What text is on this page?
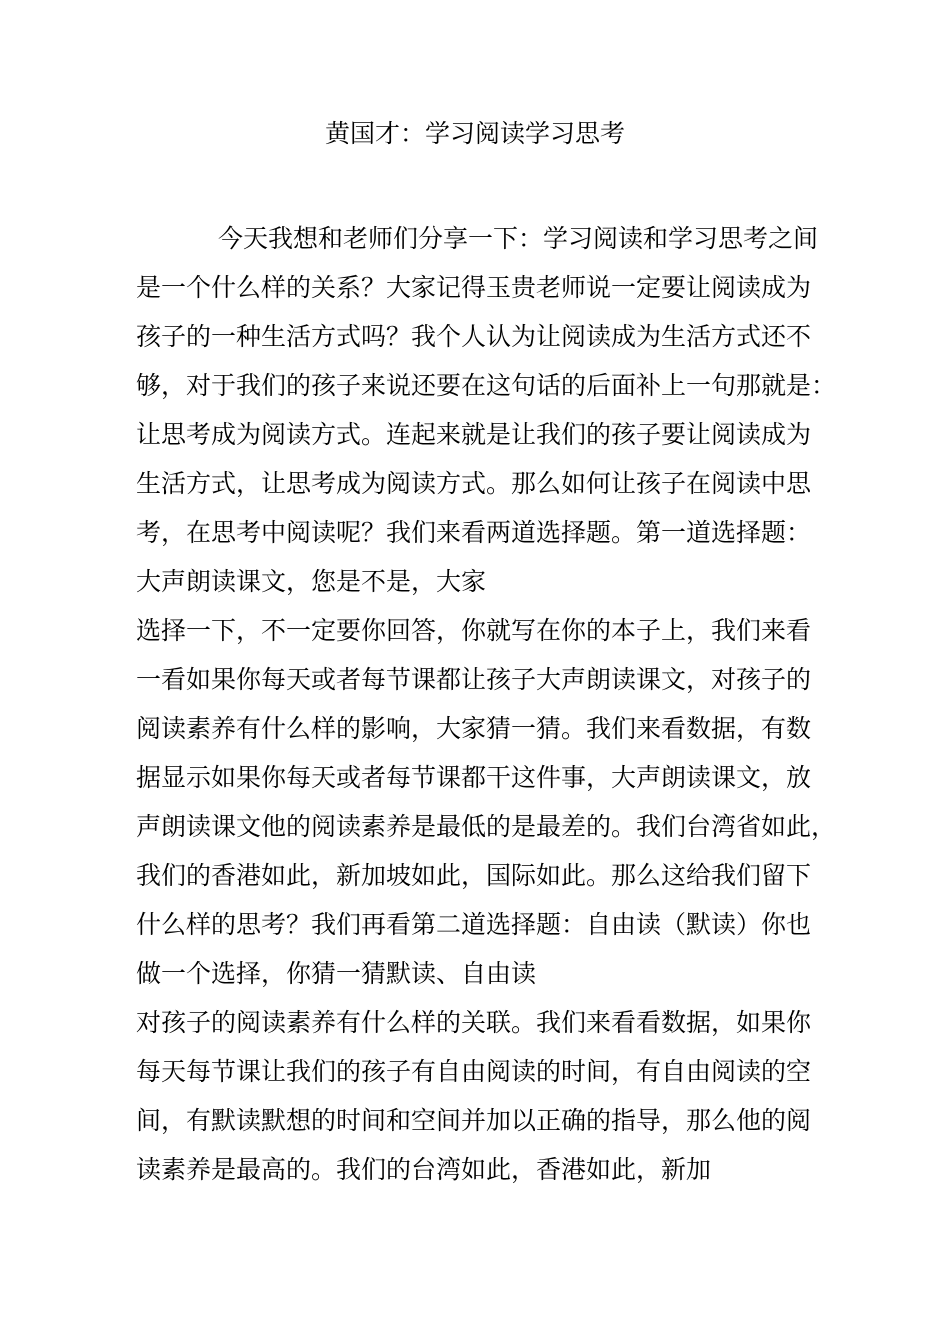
黄国才：学习阅读学习思考
今天我想和老师们分享一下：学习阅读和学习思考之间
是一个什么样的关系？大家记得玉贵老师说一定要让阅读成为
孩子的一种生活方式吗？我个人认为让阅读成为生活方式还不
够，对于我们的孩子来说还要在这句话的后面补上一句那就是：
让思考成为阅读方式。连起来就是让我们的孩子要让阅读成为
生活方式，让思考成为阅读方式。那么如何让孩子在阅读中思
考，在思考中阅读呢？我们来看两道选择题。第一道选择题：
大声朗读课文，您是不是，大家
选择一下，不一定要你回答，你就写在你的本子上，我们来看
一看如果你每天或者每节课都让孩子大声朗读课文，对孩子的
阅读素养有什么样的影响，大家猜一猜。我们来看数据，有数
据显示如果你每天或者每节课都干这件事，大声朗读课文，放
声朗读课文他的阅读素养是最低的是最差的。我们台湾省如此，
我们的香港如此，新加坡如此，国际如此。那么这给我们留下
什么样的思考？我们再看第二道选择题：自由读（默读）你也
做一个选择，你猜一猜默读、自由读
对孩子的阅读素养有什么样的关联。我们来看看数据，如果你
每天每节课让我们的孩子有自由阅读的时间，有自由阅读的空
间，有默读默想的时间和空间并加以正确的指导，那么他的阅
读素养是最高的。我们的台湾如此，香港如此，新加
